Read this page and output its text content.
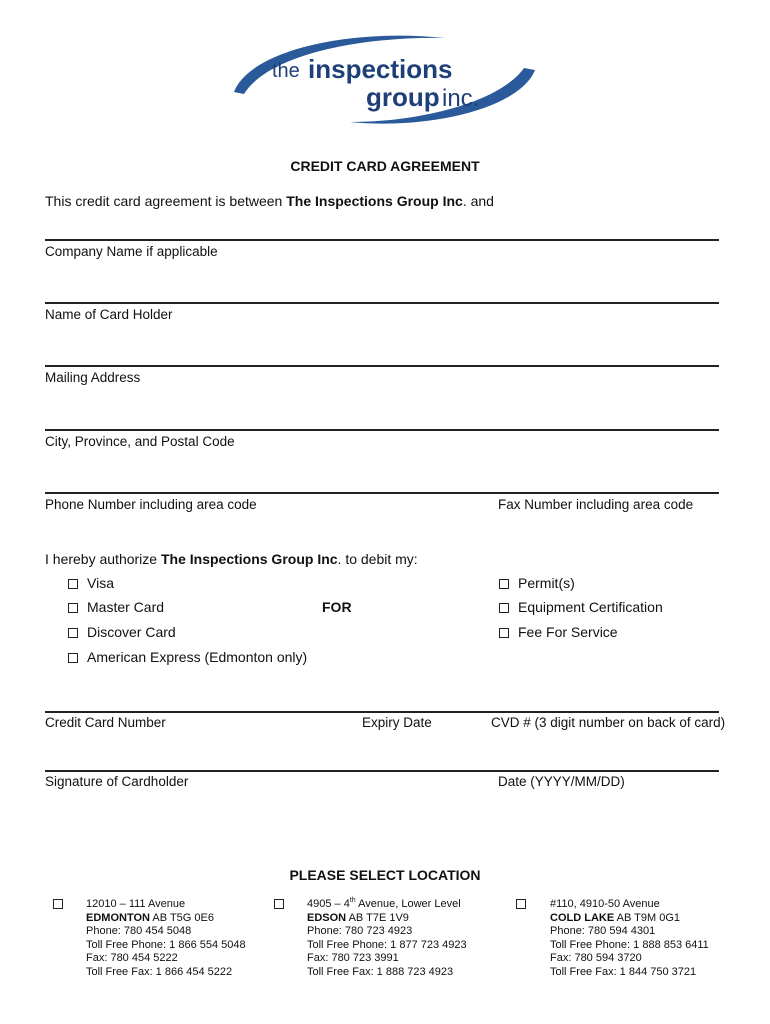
the inspections
group inc.
CREDIT CARD AGREEMENT
This credit card agreement is between The Inspections Group Inc. and
Company Name if applicable
Name of Card Holder
Mailing Address
City, Province, and Postal Code
Phone Number including area code	Fax Number including area code
I hereby authorize The Inspections Group Inc. to debit my:
Visa
Master Card
Discover Card
American Express (Edmonton only)
FOR
Permit(s)
Equipment Certification
Fee For Service
Credit Card Number	Expiry Date	CVD # (3 digit number on back of card)
Signature of Cardholder	Date (YYYY/MM/DD)
PLEASE SELECT LOCATION
12010 – 111 Avenue
EDMONTON AB T5G 0E6
Phone: 780 454 5048
Toll Free Phone: 1 866 554 5048
Fax: 780 454 5222
Toll Free Fax: 1 866 454 5222
4905 – 4th Avenue, Lower Level
EDSON AB T7E 1V9
Phone: 780 723 4923
Toll Free Phone: 1 877 723 4923
Fax: 780 723 3991
Toll Free Fax: 1 888 723 4923
#110, 4910-50 Avenue
COLD LAKE AB T9M 0G1
Phone: 780 594 4301
Toll Free Phone: 1 888 853 6411
Fax: 780 594 3720
Toll Free Fax: 1 844 750 3721
